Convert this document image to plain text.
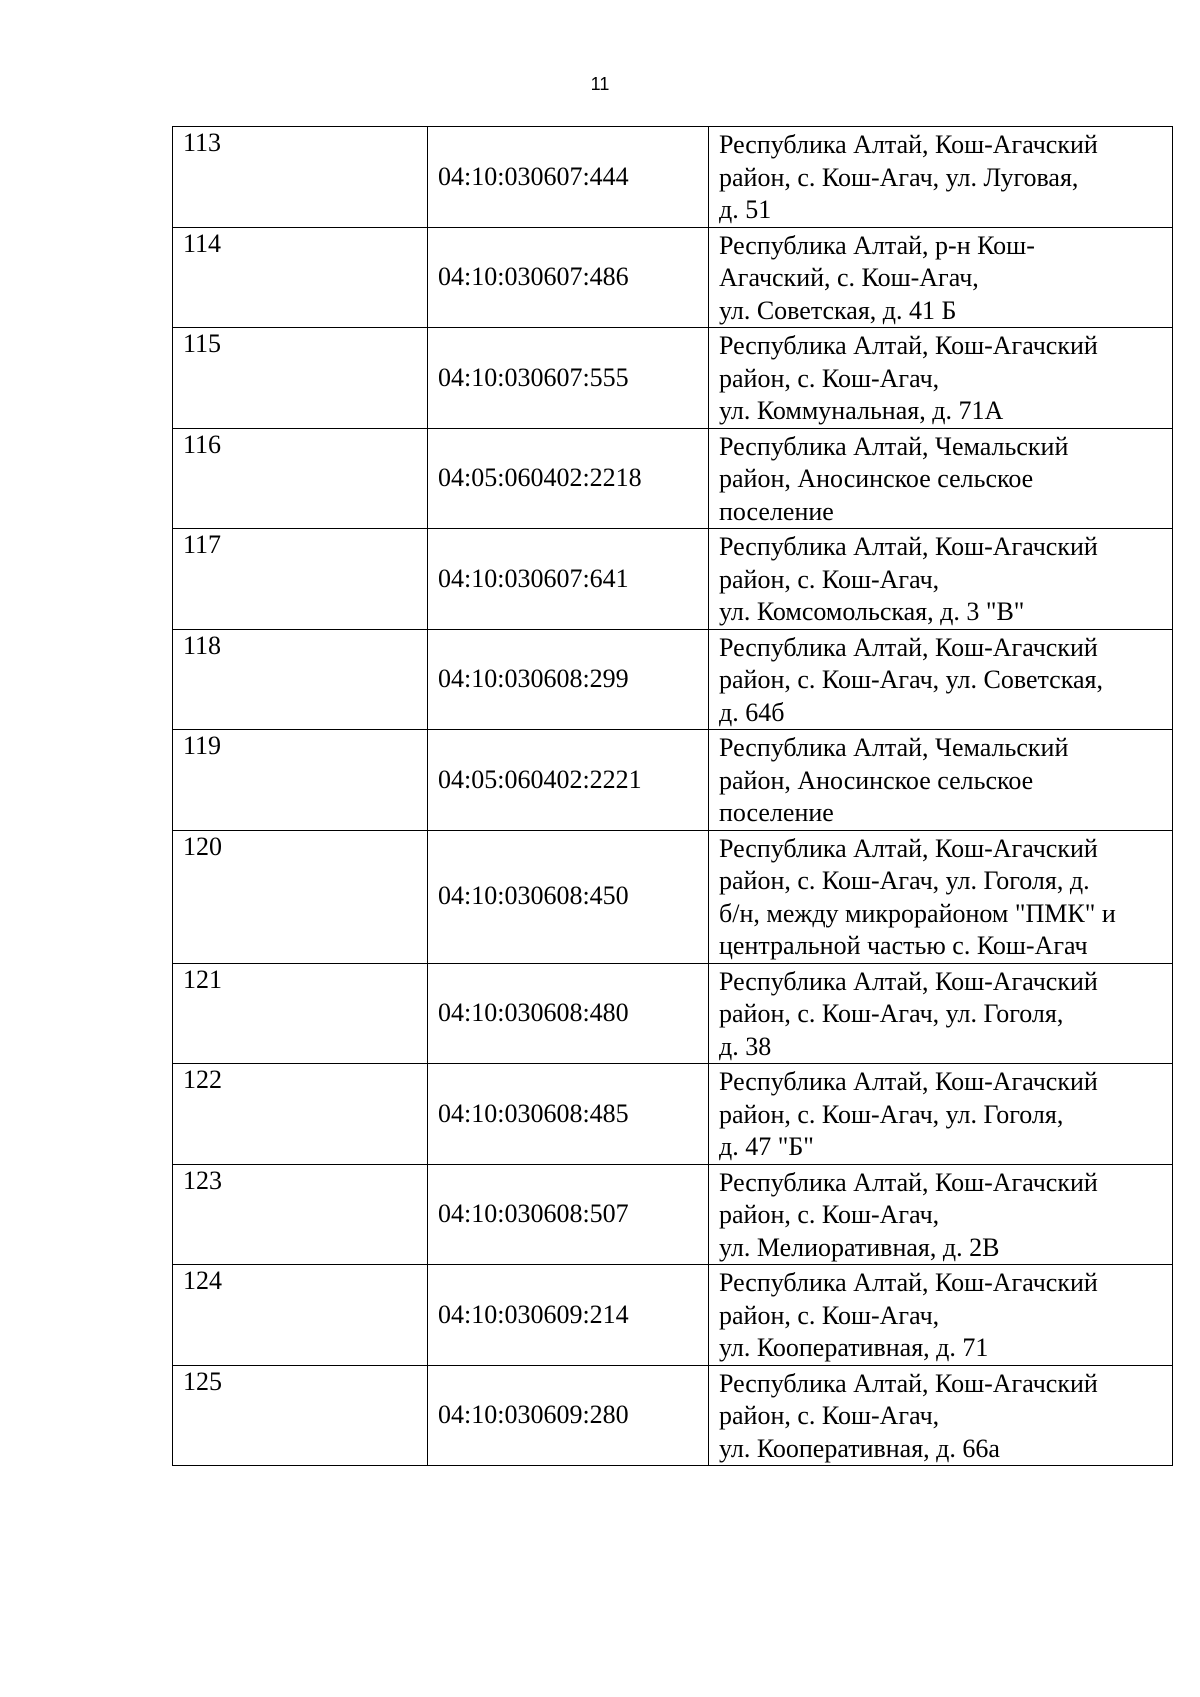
11
113	04:10:030607:444	Республика Алтай, Кош-Агачский
район, с. Кош-Агач, ул. Луговая,
д. 51

114	04:10:030607:486	Республика Алтай, р-н Кош-
Агачский, с. Кош-Агач,
ул. Советская, д. 41 Б

115	04:10:030607:555	Республика Алтай, Кош-Агачский
район, с. Кош-Агач,
ул. Коммунальная, д. 71А

116	04:05:060402:2218	Республика Алтай, Чемальский
район, Аносинское сельское
поселение

117	04:10:030607:641	Республика Алтай, Кош-Агачский
район, с. Кош-Агач,
ул. Комсомольская, д. 3 "В"

118	04:10:030608:299	Республика Алтай, Кош-Агачский
район, с. Кош-Агач, ул. Советская,
д. 64б

119	04:05:060402:2221	Республика Алтай, Чемальский
район, Аносинское сельское
поселение

120	04:10:030608:450	Республика Алтай, Кош-Агачский
район, с. Кош-Агач, ул. Гоголя, д.
б/н, между микрорайоном "ПМК" и
центральной частью с. Кош-Агач

121	04:10:030608:480	Республика Алтай, Кош-Агачский
район, с. Кош-Агач, ул. Гоголя,
д. 38

122	04:10:030608:485	Республика Алтай, Кош-Агачский
район, с. Кош-Агач, ул. Гоголя,
д. 47 "Б"

123	04:10:030608:507	Республика Алтай, Кош-Агачский
район, с. Кош-Агач,
ул. Мелиоративная, д. 2В

124	04:10:030609:214	Республика Алтай, Кош-Агачский
район, с. Кош-Агач,
ул. Кооперативная, д. 71

125	04:10:030609:280	Республика Алтай, Кош-Агачский
район, с. Кош-Агач,
ул. Кооперативная, д. 66а
